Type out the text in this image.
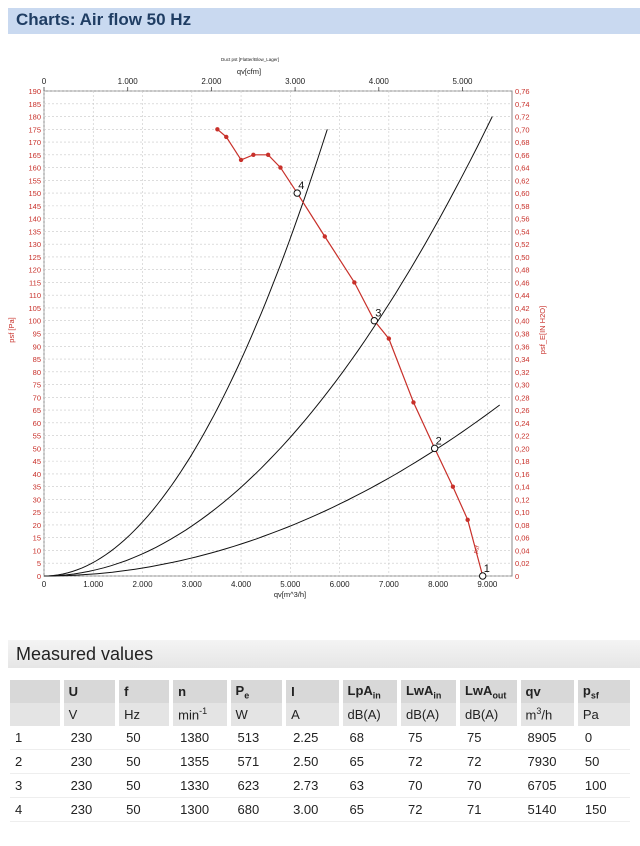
Charts: Air flow 50 Hz
0
5
10
15
20
25
30
35
40
45
50
55
60
65
70
75
80
85
90
95
100
105
110
115
120
125
130
135
140
145
150
155
160
165
170
175
180
185
190
0
0,02
0,04
0,06
0,08
0,10
0,12
0,14
0,16
0,18
0,20
0,22
0,24
0,26
0,28
0,30
0,32
0,34
0,36
0,38
0,40
0,42
0,44
0,46
0,48
0,50
0,52
0,54
0,56
0,58
0,60
0,62
0,64
0,66
0,68
0,70
0,72
0,74
0,76
0	1.000	2.000	3.000	4.000	5.000	6.000	7.000	8.000	9.000
0	1.000	2.000	3.000	4.000	5.000
Duct pst [Flatter/Blow_Lager]
qv[cfm]
qv[m^3/h]
psf [Pa]	psf_E[IN H2O]
1
2
3
4
psf
Measured values
	U	f	n	$P_e$	I	LpA$_{in}$	LwA$_{in}$	LwA$_{out}$	qv	$p_{sf}$
	V	Hz	$\min^{-1}$	W	A	dB(A)	dB(A)	dB(A)	$m^3/h$	Pa
1	230	50	1380	513	2.25	68	75	75	8905	0
2	230	50	1355	571	2.50	65	72	72	7930	50
3	230	50	1330	623	2.73	63	70	70	6705	100
4	230	50	1300	680	3.00	65	72	71	5140	150
